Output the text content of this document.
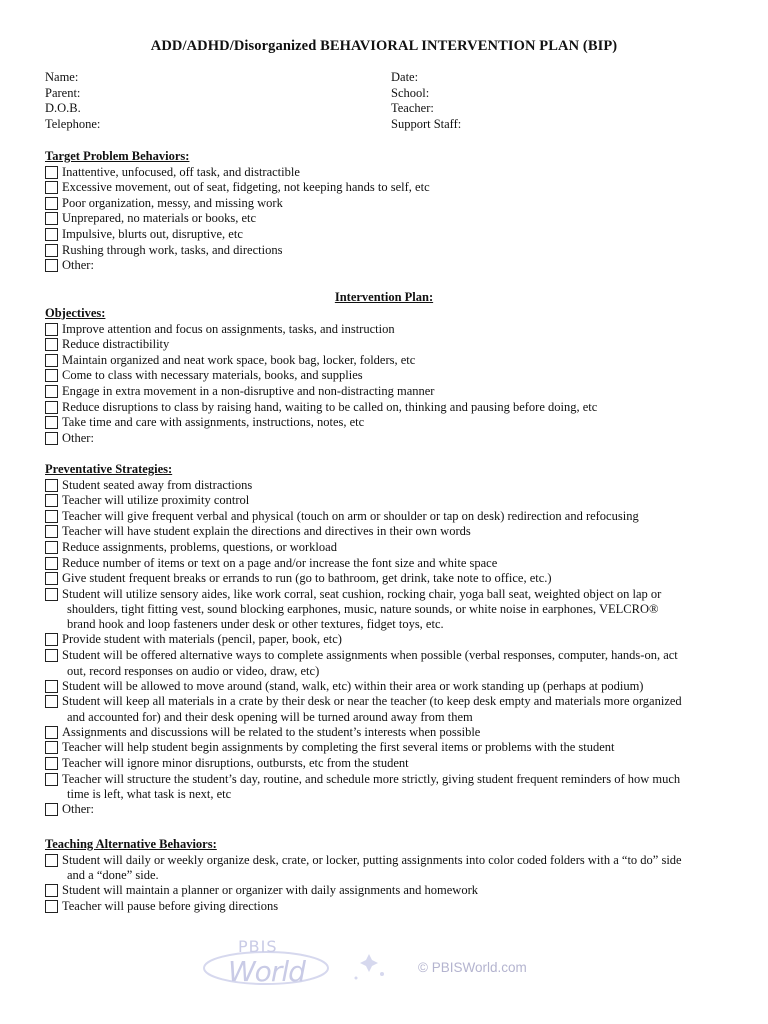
ADD/ADHD/Disorganized BEHAVIORAL INTERVENTION PLAN (BIP)
Name:
Parent:
D.O.B.
Telephone:
Date:
School:
Teacher:
Support Staff:
Target Problem Behaviors:
Inattentive, unfocused, off task, and distractible
Excessive movement, out of seat, fidgeting, not keeping hands to self, etc
Poor organization, messy, and missing work
Unprepared, no materials or books, etc
Impulsive, blurts out, disruptive, etc
Rushing through work, tasks, and directions
Other:
Intervention Plan:
Objectives:
Improve attention and focus on assignments, tasks, and instruction
Reduce distractibility
Maintain organized and neat work space, book bag, locker, folders, etc
Come to class with necessary materials, books, and supplies
Engage in extra movement in a non-disruptive and non-distracting manner
Reduce disruptions to class by raising hand, waiting to be called on, thinking and pausing before doing, etc
Take time and care with assignments, instructions, notes, etc
Other:
Preventative Strategies:
Student seated away from distractions
Teacher will utilize proximity control
Teacher will give frequent verbal and physical (touch on arm or shoulder or tap on desk) redirection and refocusing
Teacher will have student explain the directions and directives in their own words
Reduce assignments, problems, questions, or workload
Reduce number of items or text on a page and/or increase the font size and white space
Give student frequent breaks or errands to run (go to bathroom, get drink, take note to office, etc.)
Student will utilize sensory aides, like work corral, seat cushion, rocking chair, yoga ball seat, weighted object on lap or
shoulders, tight fitting vest, sound blocking earphones, music, nature sounds, or white noise in earphones, VELCRO®
brand hook and loop fasteners under desk or other textures, fidget toys, etc.
Provide student with materials (pencil, paper, book, etc)
Student will be offered alternative ways to complete assignments when possible (verbal responses, computer, hands-on, act
out, record responses on audio or video, draw, etc)
Student will be allowed to move around (stand, walk, etc) within their area or work standing up (perhaps at podium)
Student will keep all materials in a crate by their desk or near the teacher (to keep desk empty and materials more organized
and accounted for) and their desk opening will be turned around away from them
Assignments and discussions will be related to the student’s interests when possible
Teacher will help student begin assignments by completing the first several items or problems with the student
Teacher will ignore minor disruptions, outbursts, etc from the student
Teacher will structure the student’s day, routine, and schedule more strictly, giving student frequent reminders of how much
time is left, what task is next, etc
Other:
Teaching Alternative Behaviors:
Student will daily or weekly organize desk, crate, or locker, putting assignments into color coded folders with a “to do” side
and a “done” side.
Student will maintain a planner or organizer with daily assignments and homework
Teacher will pause before giving directions
PBIS
World	© PBISWorld.com
